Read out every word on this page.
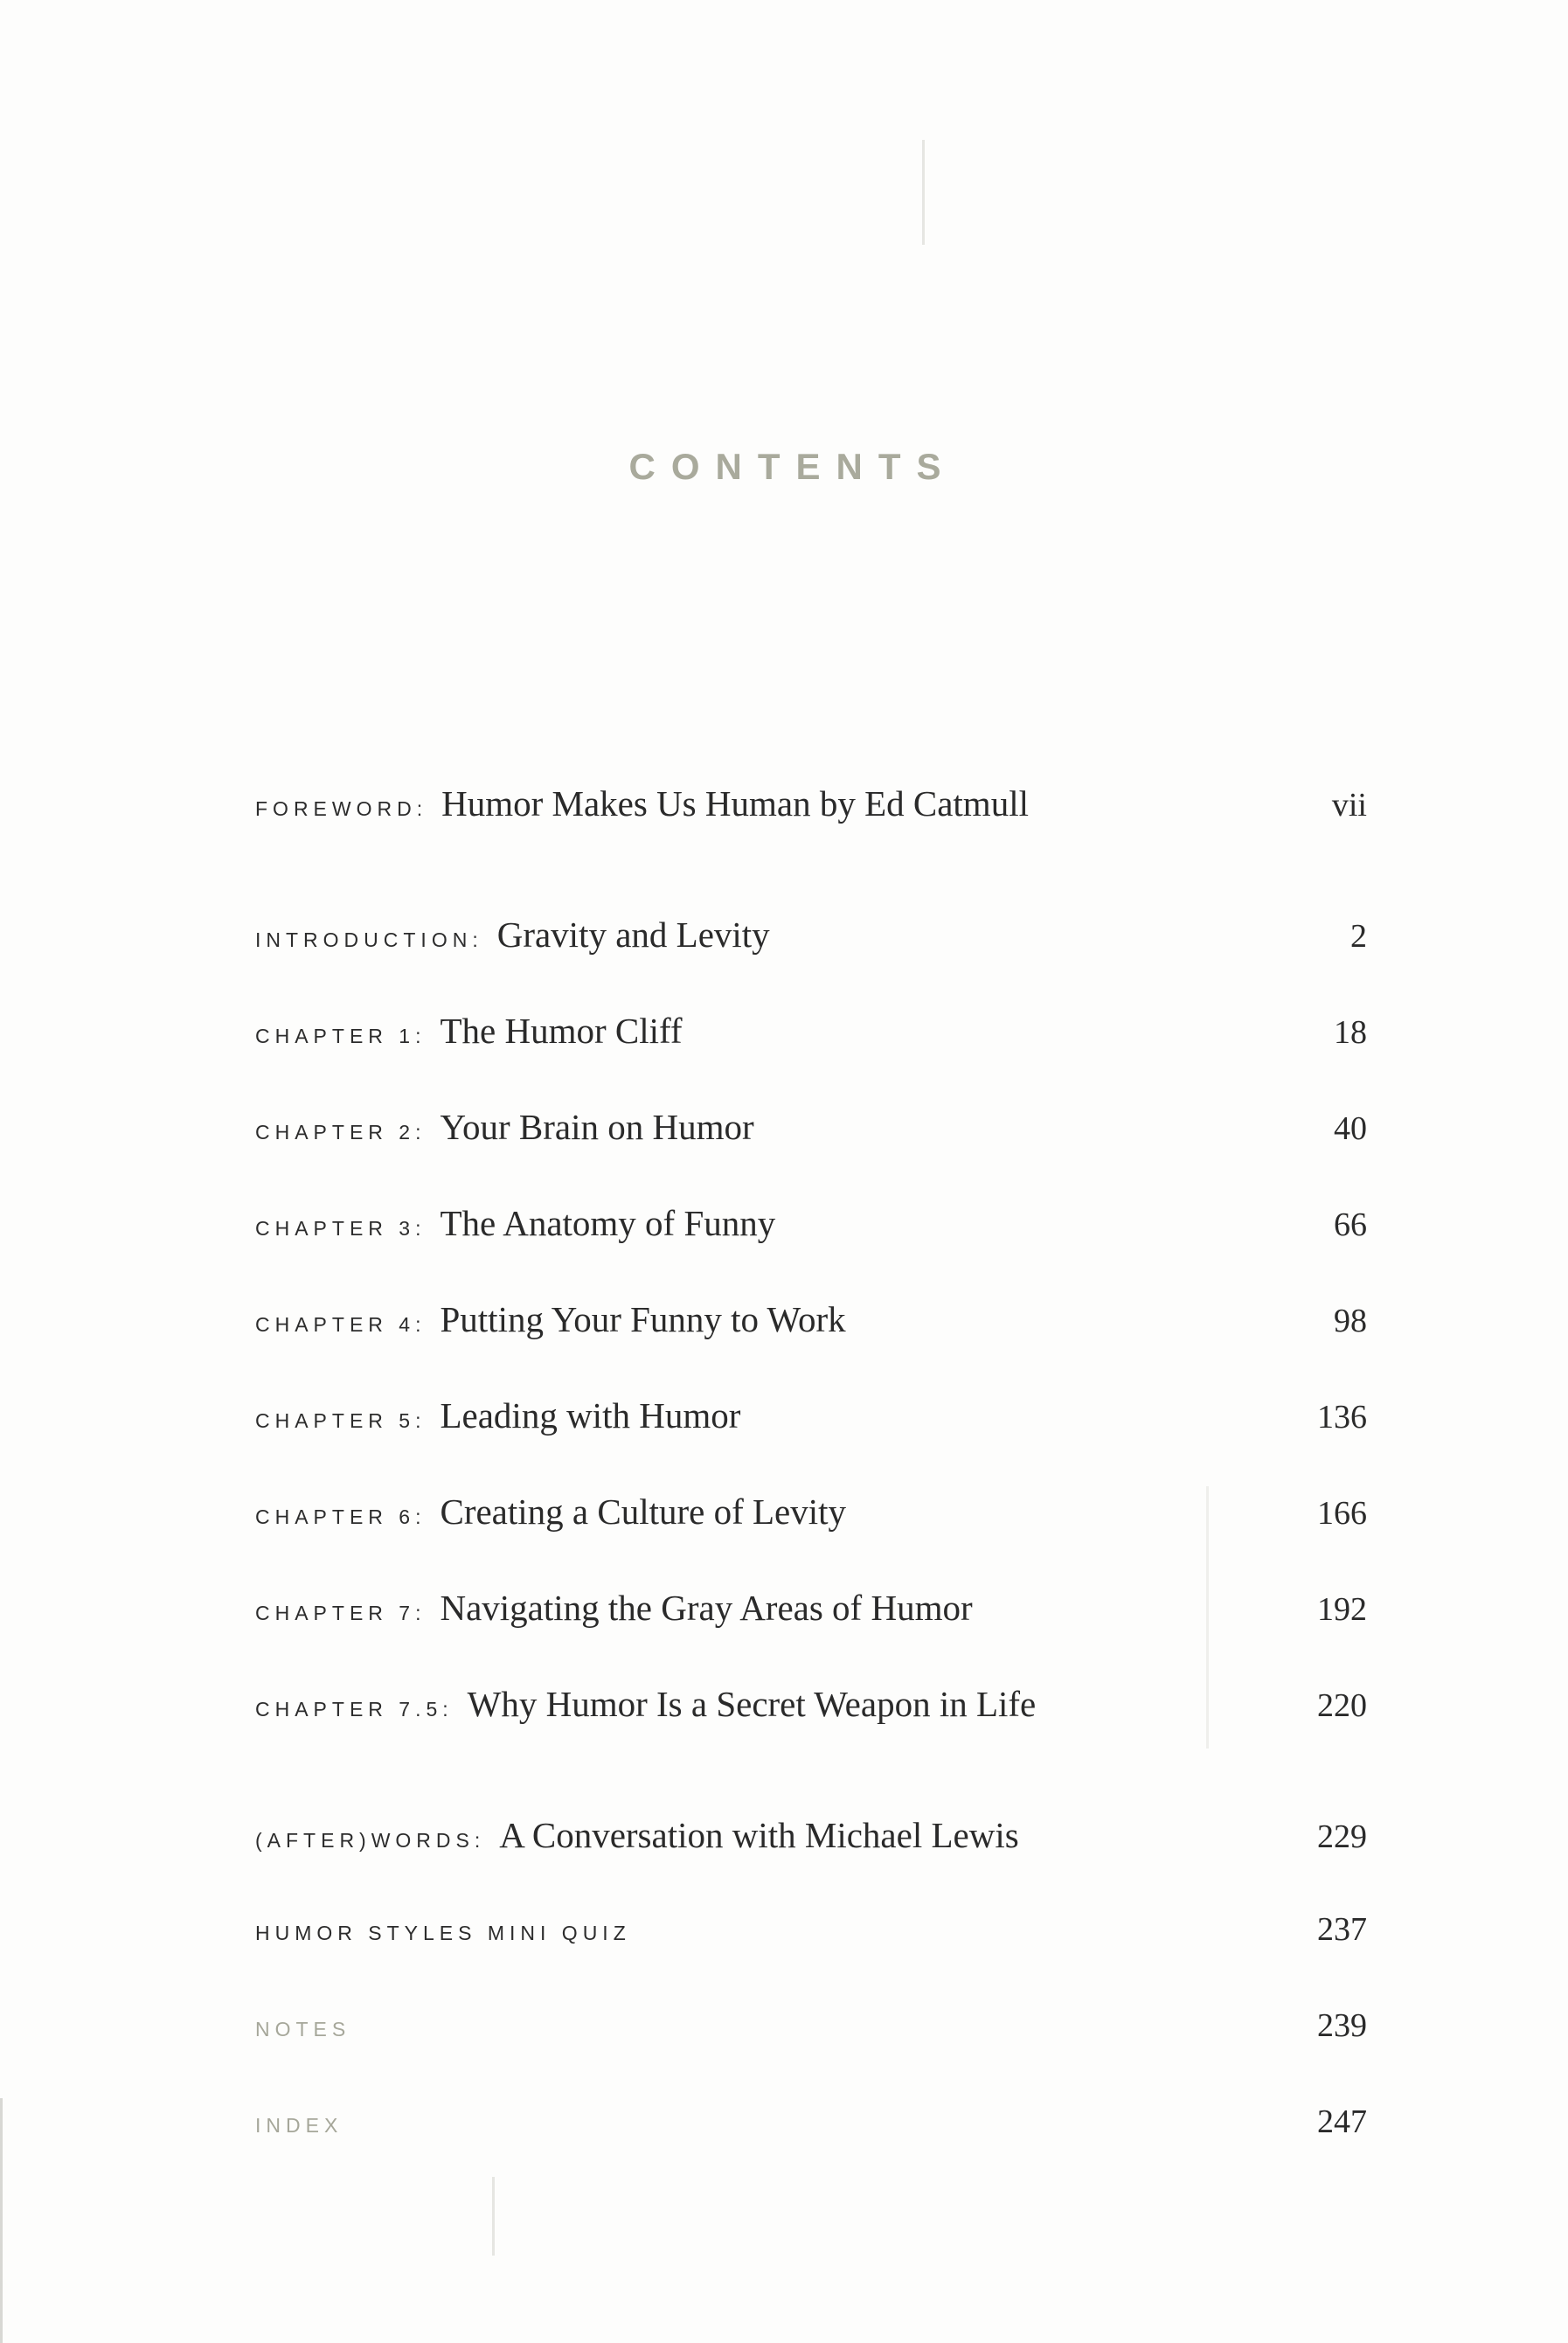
CONTENTS
FOREWORD: Humor Makes Us Human by Ed Catmull	vii
INTRODUCTION: Gravity and Levity	2
CHAPTER 1: The Humor Cliff	18
CHAPTER 2: Your Brain on Humor	40
CHAPTER 3: The Anatomy of Funny	66
CHAPTER 4: Putting Your Funny to Work	98
CHAPTER 5: Leading with Humor	136
CHAPTER 6: Creating a Culture of Levity	166
CHAPTER 7: Navigating the Gray Areas of Humor	192
CHAPTER 7.5: Why Humor Is a Secret Weapon in Life	220
(AFTER)WORDS: A Conversation with Michael Lewis	229
HUMOR STYLES MINI QUIZ	237
NOTES	239
INDEX	247
